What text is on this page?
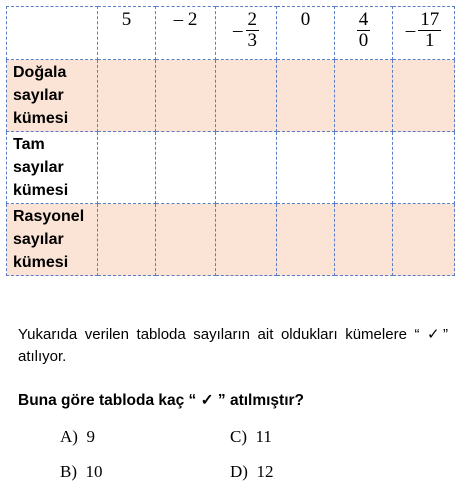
	5	– 2	– $\frac{2}{3}$	0	$\frac{4}{0}$	– $\frac{17}{1}$

Doğala
sayılar
kümesi						

Tam
sayılar
kümesi						

Rasyonel
sayılar
kümesi						

Yukarıda verilen tabloda sayıların ait oldukları kümelere “ ✓” atılıyor.
Buna göre tabloda kaç “ ✓ ” atılmıştır?
A) 9	C) 11
B) 10	D) 12
